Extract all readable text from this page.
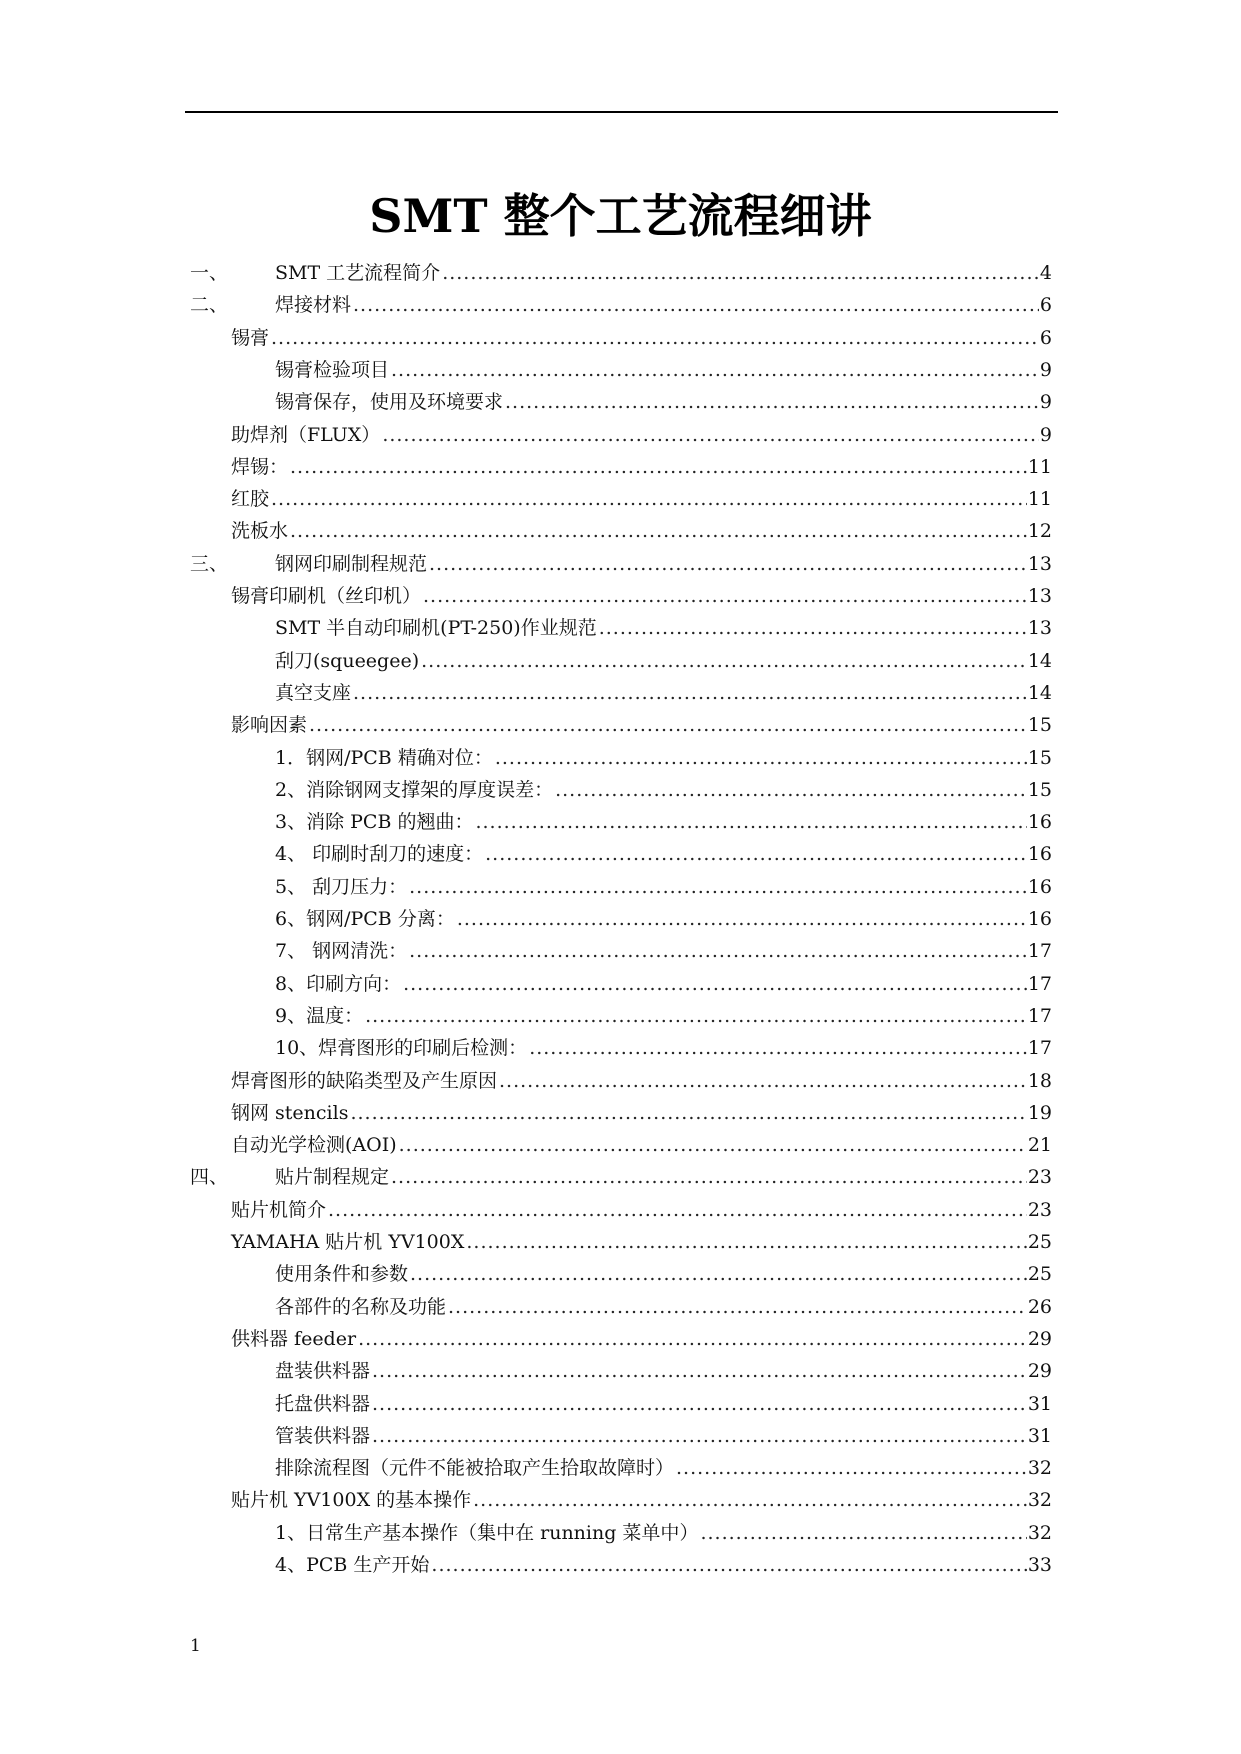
SMT 整个工艺流程细讲
一、 SMT 工艺流程简介 .....	4
二、 焊接材料 .....	6
锡膏 .....	6
锡膏检验项目 .....	9
锡膏保存，使用及环境要求 .....	9
助焊剂（FLUX） .....	9
焊锡： .....	11
红胶 .....	11
洗板水 .....	12
三、 钢网印刷制程规范 .....	13
锡膏印刷机（丝印机） .....	13
SMT 半自动印刷机(PT-250)作业规范 .....	13
刮刀(squeegee) .....	14
真空支座 .....	14
影响因素 .....	15
1．钢网/PCB 精确对位： .....	15
2、消除钢网支撑架的厚度误差： .....	15
3、消除 PCB 的翘曲： .....	16
4、 印刷时刮刀的速度： .....	16
5、 刮刀压力： .....	16
6、钢网/PCB 分离： .....	16
7、 钢网清洗： .....	17
8、印刷方向： .....	17
9、温度： .....	17
10、焊膏图形的印刷后检测： .....	17
焊膏图形的缺陷类型及产生原因 .....	18
钢网 stencils .....	19
自动光学检测(AOI) .....	21
四、 贴片制程规定 .....	23
贴片机简介 .....	23
YAMAHA 贴片机 YV100X .....	25
使用条件和参数 .....	25
各部件的名称及功能 .....	26
供料器 feeder .....	29
盘装供料器 .....	29
托盘供料器 .....	31
管装供料器 .....	31
排除流程图（元件不能被拾取产生拾取故障时） .....	32
贴片机 YV100X 的基本操作 .....	32
1、日常生产基本操作（集中在 running 菜单中） .....	32
4、PCB 生产开始 .....	33
1
